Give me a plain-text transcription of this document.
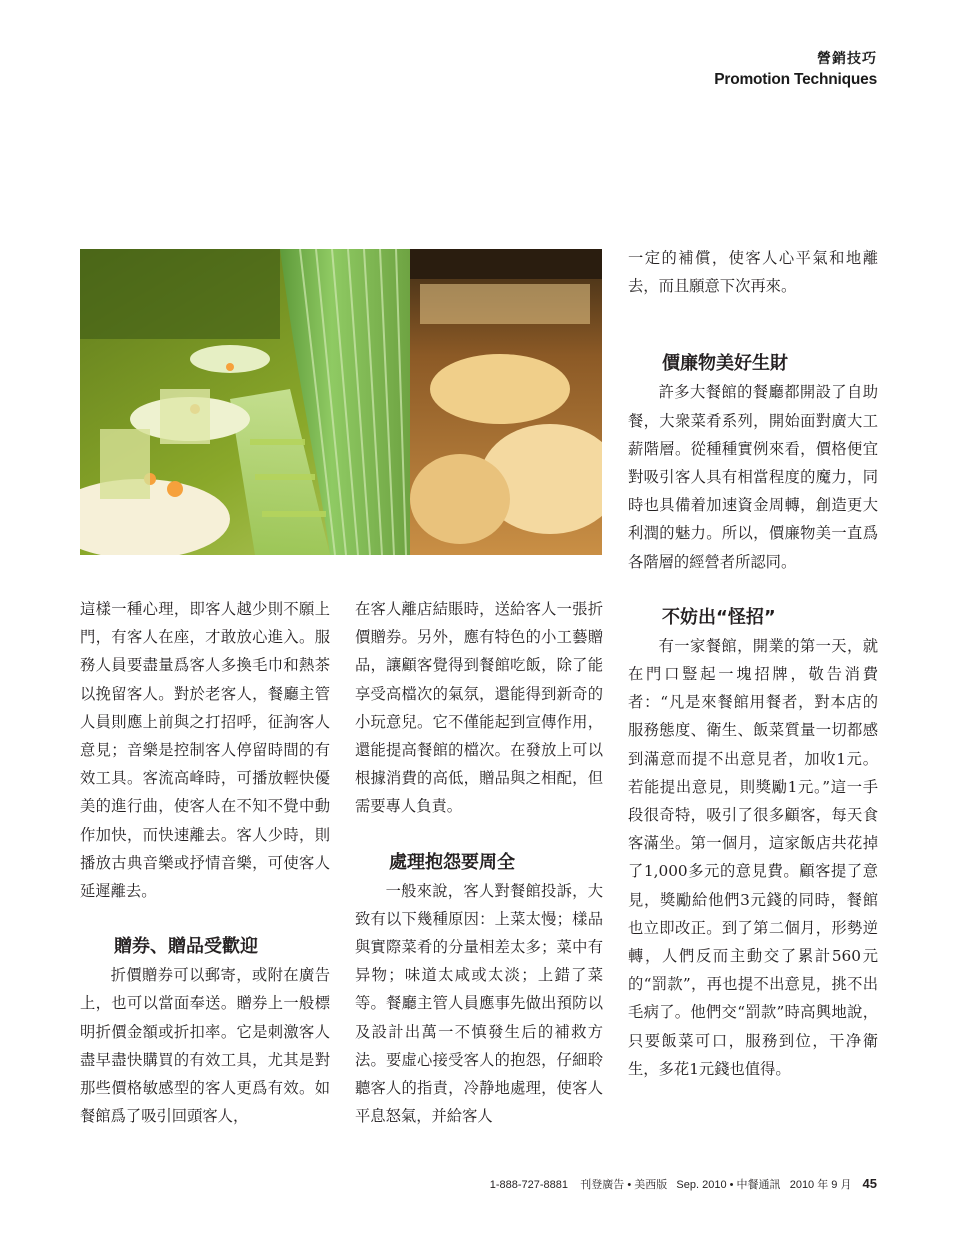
營銷技巧
Promotion Techniques

這樣一種心理，即客人越少則不願上門，有客人在座，才敢放心進入。服務人員要盡量爲客人多換毛巾和熱茶以挽留客人。對於老客人，餐廳主管人員則應上前與之打招呼，征詢客人意見；音樂是控制客人停留時間的有效工具。客流高峰時，可播放輕快優美的進行曲，使客人在不知不覺中動作加快，而快速離去。客人少時，則播放古典音樂或抒情音樂，可使客人延遲離去。

贈券、贈品受歡迎

折價贈券可以郵寄，或附在廣告上，也可以當面奉送。贈券上一般標明折價金額或折扣率。它是刺激客人盡早盡快購買的有效工具，尤其是對那些價格敏感型的客人更爲有效。如餐館爲了吸引回頭客人，

在客人離店結賬時，送給客人一張折價贈券。另外，應有特色的小工藝贈品，讓顧客覺得到餐館吃飯，除了能享受高檔次的氣氛，還能得到新奇的小玩意兒。它不僅能起到宣傳作用，還能提高餐館的檔次。在發放上可以根據消費的高低，贈品與之相配，但需要專人負責。

處理抱怨要周全

一般來說，客人對餐館投訴，大致有以下幾種原因：上菜太慢；樣品與實際菜肴的分量相差太多；菜中有异物；味道太咸或太淡；上錯了菜等。餐廳主管人員應事先做出預防以及設計出萬一不慎發生后的補救方法。要虛心接受客人的抱怨，仔細聆聽客人的指責，冷静地處理，使客人平息怒氣，并給客人

一定的補償，使客人心平氣和地離去，而且願意下次再來。

價廉物美好生財

許多大餐館的餐廳都開設了自助餐，大衆菜肴系列，開始面對廣大工薪階層。從種種實例來看，價格便宜對吸引客人具有相當程度的魔力，同時也具備着加速資金周轉，創造更大利潤的魅力。所以，價廉物美一直爲各階層的經營者所認同。

不妨出“怪招”

有一家餐館，開業的第一天，就在門口豎起一塊招牌，敬告消費者：“凡是來餐館用餐者，對本店的服務態度、衛生、飯菜質量一切都感到滿意而提不出意見者，加收1元。若能提出意見，則獎勵1元。”這一手段很奇特，吸引了很多顧客，每天食客滿坐。第一個月，這家飯店共花掉了1,000多元的意見費。顧客提了意見，獎勵給他們3元錢的同時，餐館也立即改正。到了第二個月，形勢逆轉，人們反而主動交了累計560元的“罰款”，再也提不出意見，挑不出毛病了。他們交“罰款”時高興地說，只要飯菜可口，服務到位，干净衛生，多花1元錢也值得。

1-888-727-8881 刊登廣告 • 美西版 Sep. 2010 • 中餐通訊 2010 年 9 月 45
